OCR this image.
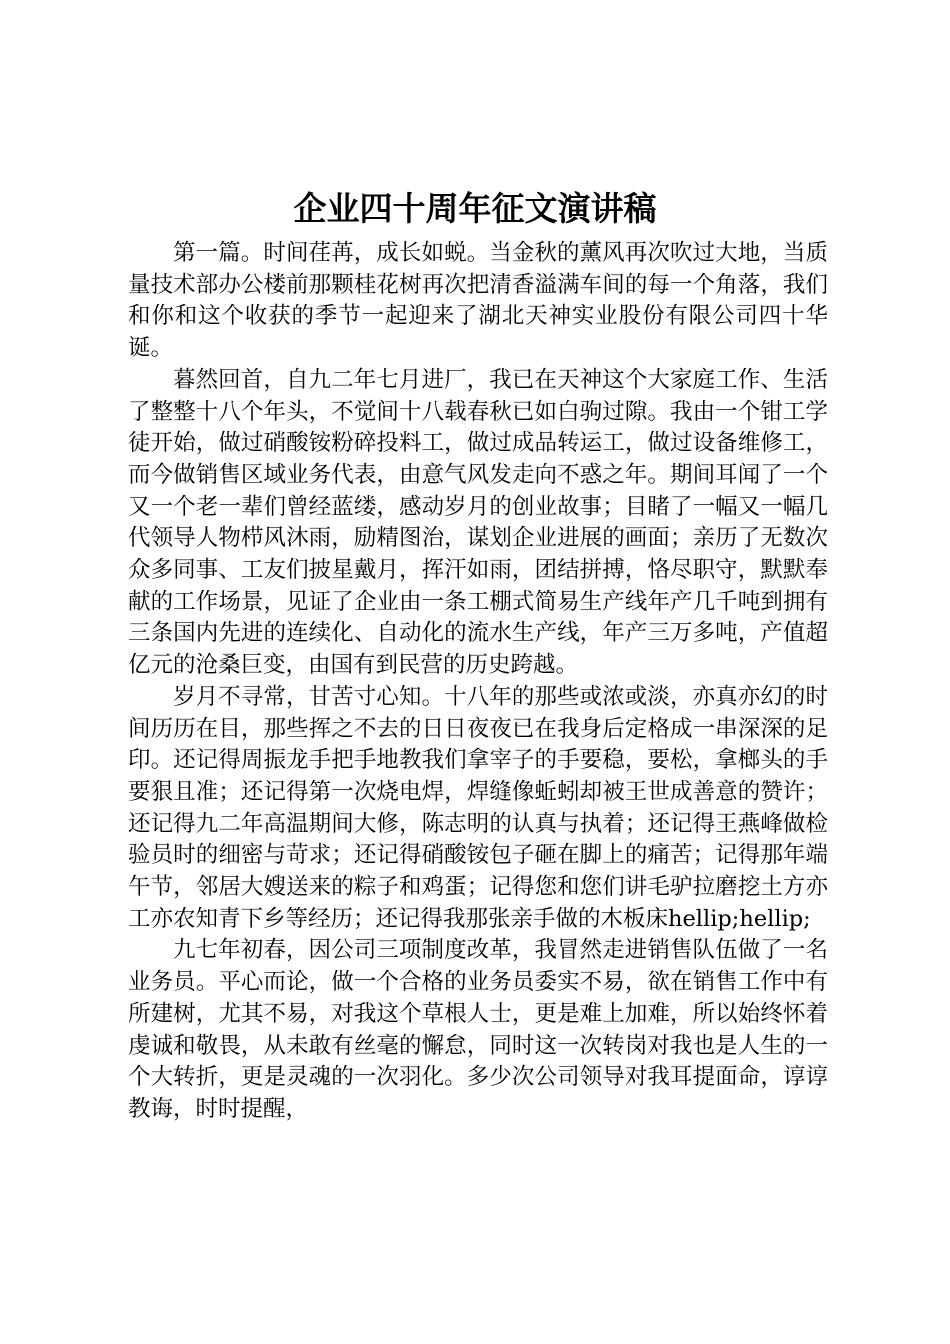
企业四十周年征文演讲稿

第一篇。时间荏苒，成长如蜕。当金秋的薰风再次吹过大地，当质量技术部办公楼前那颗桂花树再次把清香溢满车间的每一个角落，我们和你和这个收获的季节一起迎来了湖北天神实业股份有限公司四十华诞。

暮然回首，自九二年七月进厂，我已在天神这个大家庭工作、生活了整整十八个年头，不觉间十八载春秋已如白驹过隙。我由一个钳工学徒开始，做过硝酸铵粉碎投料工，做过成品转运工，做过设备维修工，而今做销售区域业务代表，由意气风发走向不惑之年。期间耳闻了一个又一个老一辈们曾经蓝缕，感动岁月的创业故事；目睹了一幅又一幅几代领导人物栉风沐雨，励精图治，谋划企业进展的画面；亲历了无数次众多同事、工友们披星戴月，挥汗如雨，团结拼搏，恪尽职守，默默奉献的工作场景，见证了企业由一条工棚式简易生产线年产几千吨到拥有三条国内先进的连续化、自动化的流水生产线，年产三万多吨，产值超亿元的沧桑巨变，由国有到民营的历史跨越。

岁月不寻常，甘苦寸心知。十八年的那些或浓或淡，亦真亦幻的时间历历在目，那些挥之不去的日日夜夜已在我身后定格成一串深深的足印。还记得周振龙手把手地教我们拿宰子的手要稳，要松，拿榔头的手要狠且准；还记得第一次烧电焊，焊缝像蚯蚓却被王世成善意的赞许；还记得九二年高温期间大修，陈志明的认真与执着；还记得王燕峰做检验员时的细密与苛求；还记得硝酸铵包子砸在脚上的痛苦；记得那年端午节，邻居大嫂送来的粽子和鸡蛋；记得您和您们讲毛驴拉磨挖土方亦工亦农知青下乡等经历；还记得我那张亲手做的木板床hellip;hellip;

九七年初春，因公司三项制度改革，我冒然走进销售队伍做了一名业务员。平心而论，做一个合格的业务员委实不易，欲在销售工作中有所建树，尤其不易，对我这个草根人士，更是难上加难，所以始终怀着虔诚和敬畏，从未敢有丝毫的懈怠，同时这一次转岗对我也是人生的一个大转折，更是灵魂的一次羽化。多少次公司领导对我耳提面命，谆谆教诲，时时提醒，
